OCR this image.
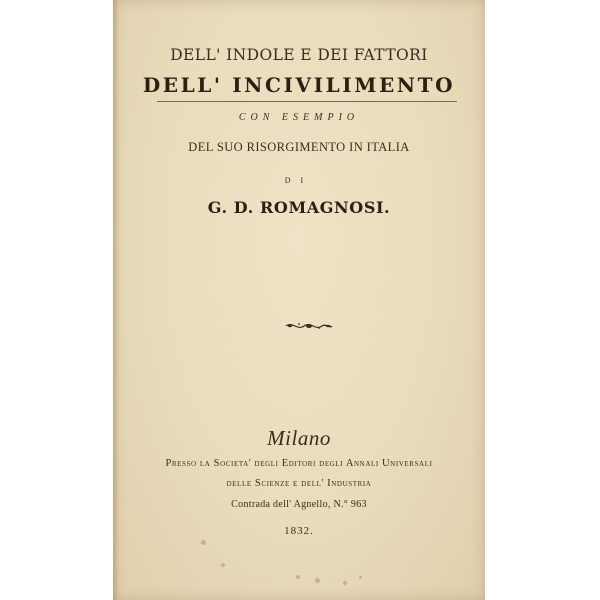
DELL' INDOLE E DEI FATTORI
DELL' INCIVILIMENTO
CON ESEMPIO
DEL SUO RISORGIMENTO IN ITALIA
DI
G. D. ROMAGNOSI.
Milano
Presso la Societa' degli Editori degli Annali Universali
delle Scienze e dell' Industria
Contrada dell' Agnello, N.° 963
1832.
